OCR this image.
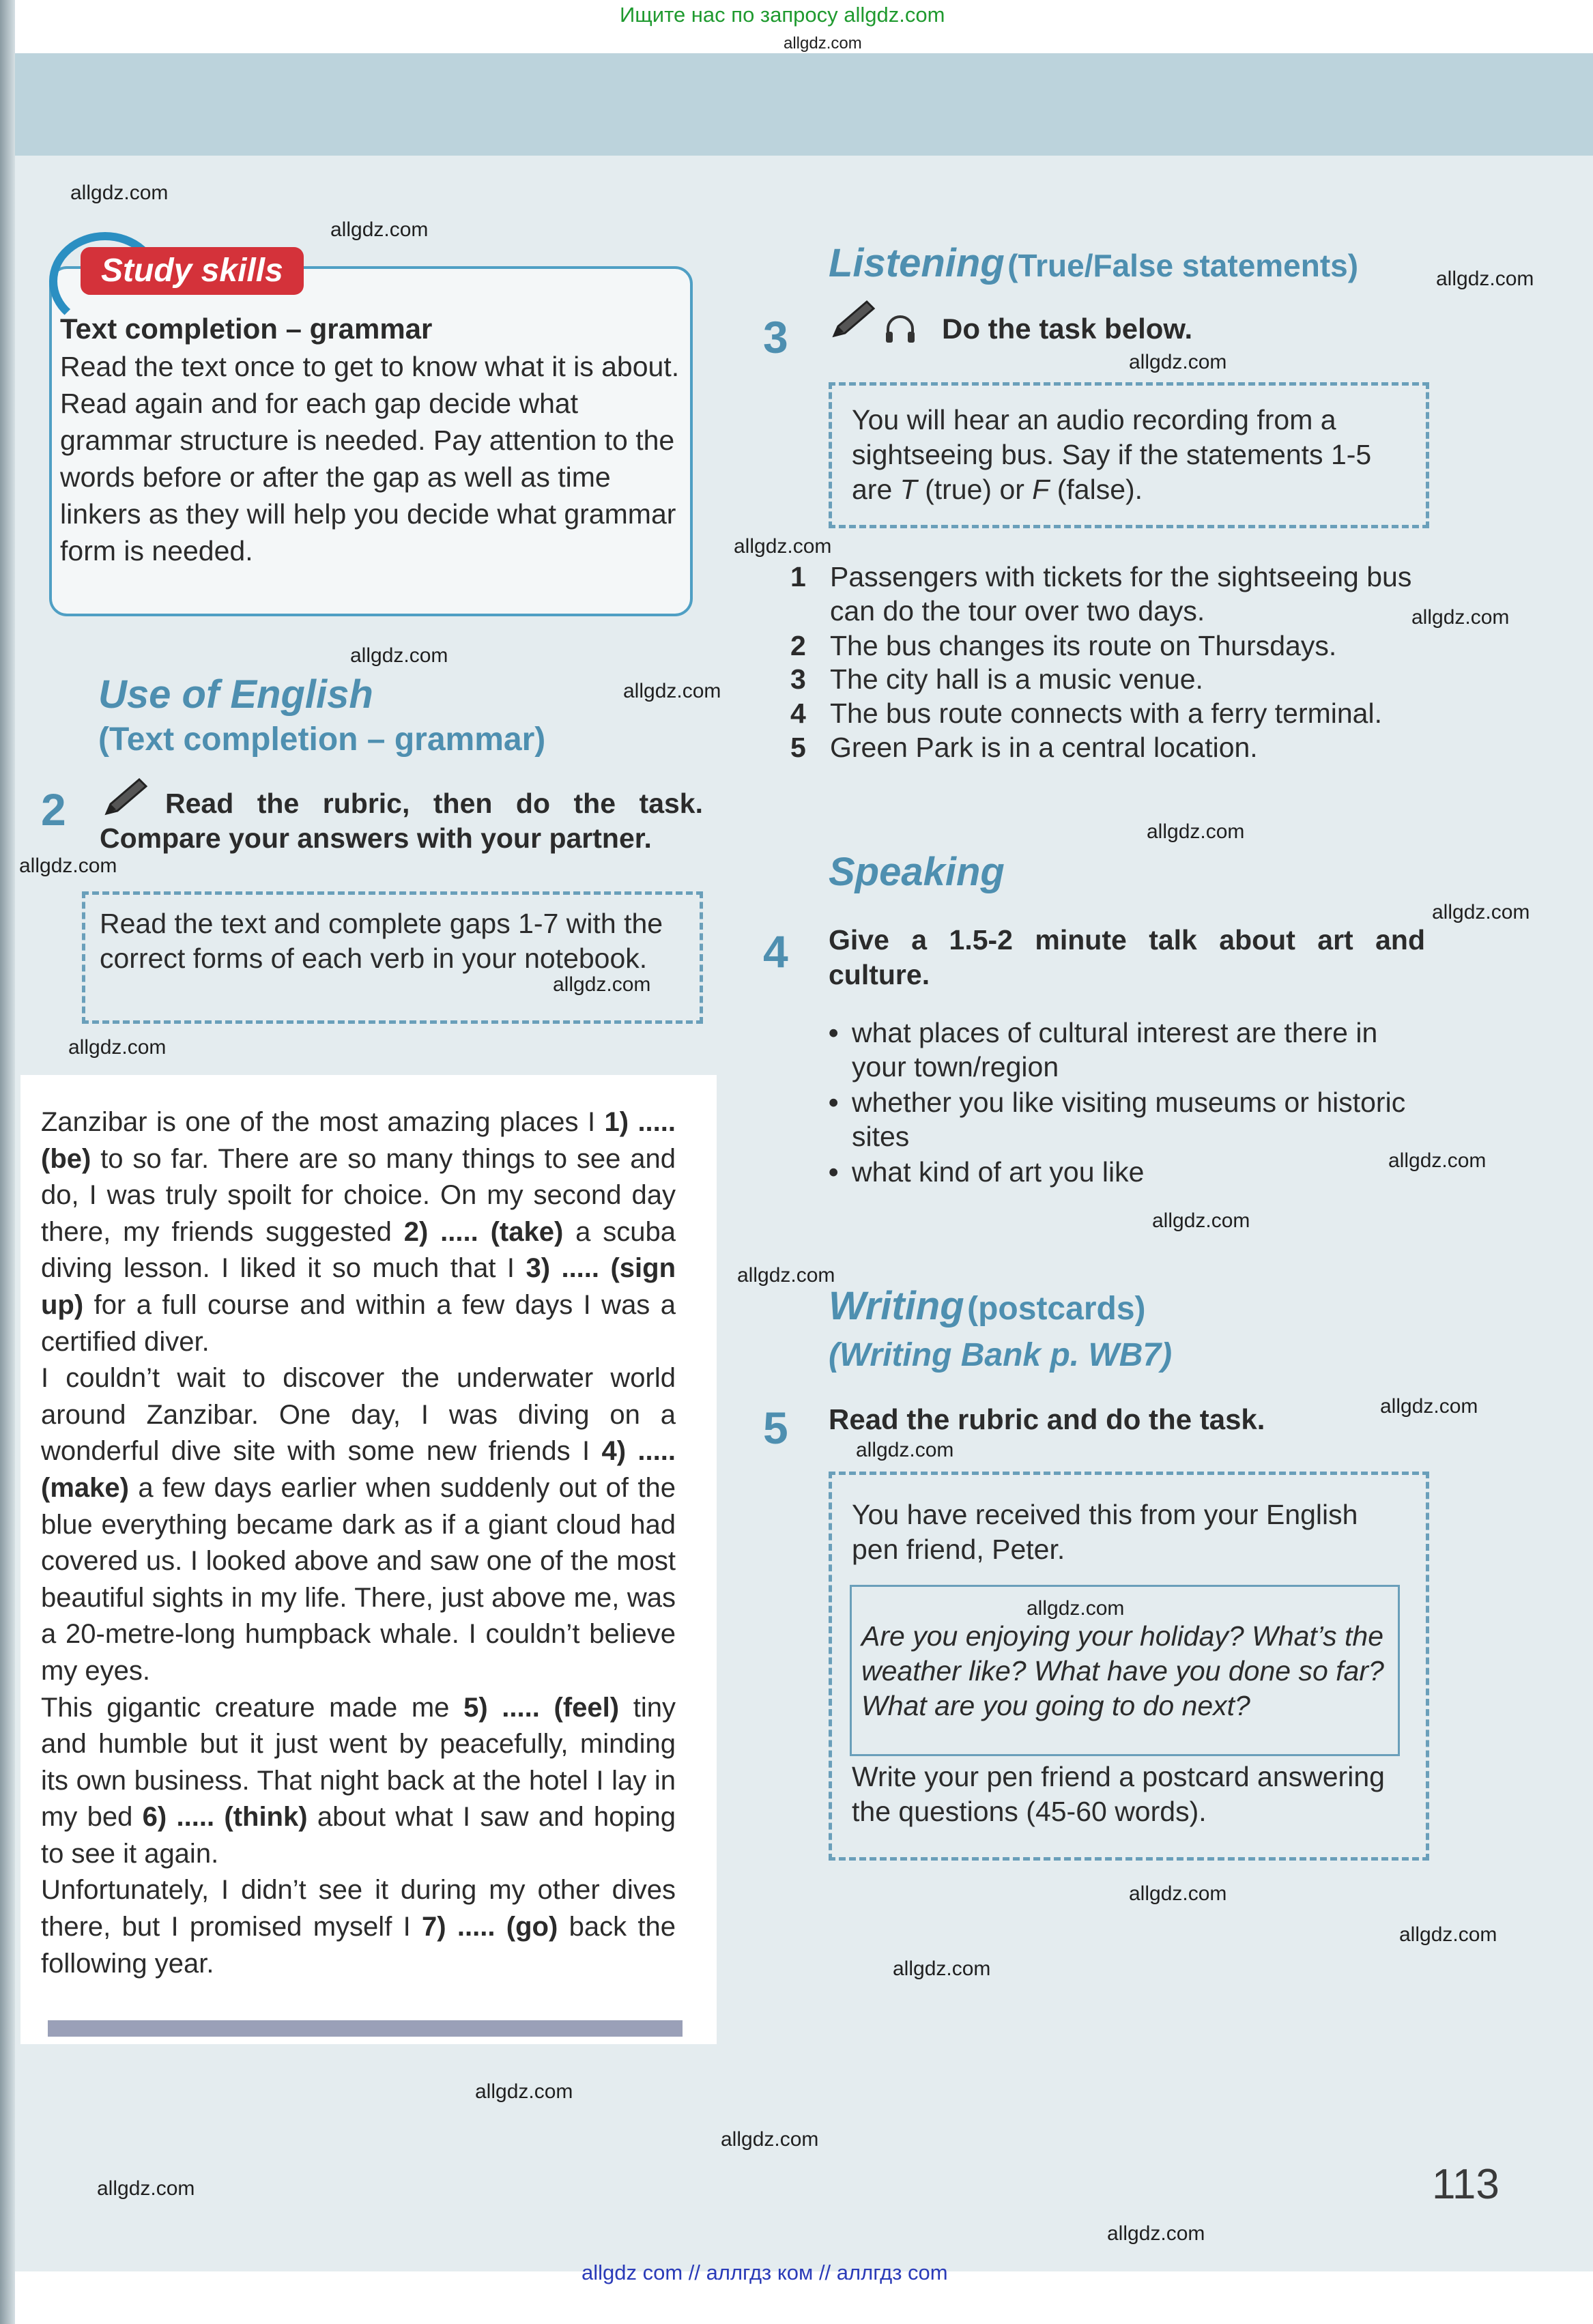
Ищите нас по запросу allgdz.com
allgdz.com
allgdz com // аллгдз ком // аллгдз com
allgdz.com
allgdz.com
allgdz.com
allgdz.com
allgdz.com
allgdz.com
allgdz.com
allgdz.com
allgdz.com
allgdz.com
allgdz.com
allgdz.com
allgdz.com
allgdz.com
allgdz.com
allgdz.com
allgdz.com
allgdz.com
allgdz.com
allgdz.com
allgdz.com
allgdz.com
allgdz.com
allgdz.com
allgdz.com
allgdz.com
Study skills
Text completion – grammar
Read the text once to get to know what it is about. Read again and for each gap decide what grammar structure is needed. Pay attention to the words before or after the gap as well as time linkers as they will help you decide what grammar form is needed.
Use of English
(Text completion – grammar)
2	Read the rubric, then do the task. Compare your answers with your partner.
Read the text and complete gaps 1-7 with the correct forms of each verb in your notebook.

Zanzibar is one of the most amazing places I 1) ..... (be) to so far. There are so many things to see and do, I was truly spoilt for choice. On my second day there, my friends suggested 2) ..... (take) a scuba diving lesson. I liked it so much that I 3) ..... (sign up) for a full course and within a few days I was a certified diver.

I couldn’t wait to discover the underwater world around Zanzibar. One day, I was diving on a wonderful dive site with some new friends I 4) ..... (make) a few days earlier when suddenly out of the blue everything became dark as if a giant cloud had covered us. I looked above and saw one of the most beautiful sights in my life. There, just above me, was a 20-metre-long humpback whale. I couldn’t believe my eyes.

This gigantic creature made me 5) ..... (feel) tiny and humble but it just went by peacefully, minding its own business. That night back at the hotel I lay in my bed 6) ..... (think) about what I saw and hoping to see it again.

Unfortunately, I didn’t see it during my other dives there, but I promised myself I 7) ..... (go) back the following year.

Listening (True/False statements)
3	Do the task below.
You will hear an audio recording from a sightseeing bus. Say if the statements 1-5 are T (true) or F (false).
1 Passengers with tickets for the sightseeing bus can do the tour over two days.
2 The bus changes its route on Thursdays.
3 The city hall is a music venue.
4 The bus route connects with a ferry terminal.
5 Green Park is in a central location.
Speaking
4 Give a 1.5-2 minute talk about art and culture.
• what places of cultural interest are there in your town/region
• whether you like visiting museums or historic sites
• what kind of art you like
Writing (postcards)
(Writing Bank p. WB7)
5 Read the rubric and do the task.
You have received this from your English pen friend, Peter.
Are you enjoying your holiday? What’s the weather like? What have you done so far? What are you going to do next?
Write your pen friend a postcard answering the questions (45-60 words).
113
